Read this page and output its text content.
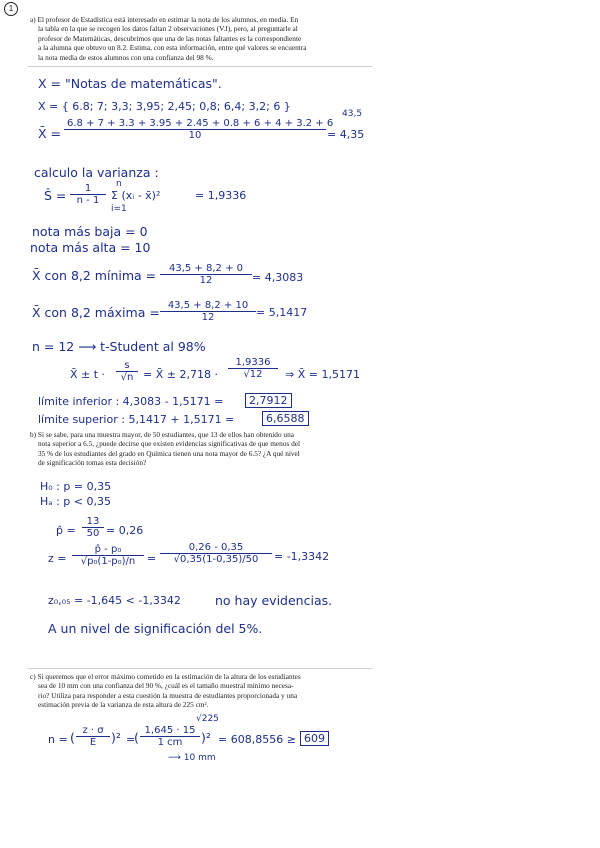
1
a) El profesor de Estadística está interesado en estimar la nota de los alumnos, en media. En
la tabla en la que se recogen los datos faltan 2 observaciones (V.I), pero, al preguntarle al
profesor de Matemáticas, descubrimos que una de las notas faltantes es la correspondiente
a la alumna que obtuvo un 8.2. Estima, con esta información, entre qué valores se encuentra
la nota media de estos alumnos con una confianza del 98 %.
X = "Notas de matemáticas".
X = { 6.8; 7; 3,3; 3,95; 2,45; 0,8; 6,4; 3,2; 6 }
43,5
X̄ = $\frac{6.8 + 7 + 3.3 + 3.95 + 2.45 + 0.8 + 6 + 4 + 3.2 + 6}{10} = 4,35$
calculo la varianza :
Ŝ = $\frac{1}{n - 1}$ n
Σ (xᵢ - x̄)²
i=1
= 1,9336
nota más baja = 0
nota más alta = 10
X̄ con 8,2 mínima = $\frac{43,5 + 8,2 + 0}{12} = 4,3083$
X̄ con 8,2 máxima = $\frac{43,5 + 8,2 + 10}{12} = 5,1417$
n = 12 ⟶ t-Student al 98%
X̄ ± $t \cdot \frac{s}{√n}$ = X̄ ± $2,718 \cdot \frac{1,9336}{√12}$ ⇒ X̄ = 1,5171
límite inferior : 4,3083 - 1,5171 =	2,7912
límite superior : 5,1417 + 1,5171 =	6,6588
b) Si se sabe, para una muestra mayor, de 50 estudiantes, que 13 de ellos han obtenido una
nota superior a 6.5, ¿puede decirse que existen evidencias significativas de que menos del
35 % de los estudiantes del grado en Química tienen una nota mayor de 6.5? ¿A qué nivel
de significación tomas esta decisión?
H₀ : p = 0,35
Hₐ : p < 0,35
p̂ = $\frac{13}{50} = 0,26$
$z = \frac{\text{p̂ - p₀}}{\text{√p₀(1-p₀)/n}} = \frac{0,26 - 0,35}{√0,35(1-0,35)/50} = -1,3342$
z₀,₀₅ = -1,645 < -1,3342	no hay evidencias.
A un nivel de significación del 5%.
c) Si queremos que el error máximo cometido en la estimación de la altura de los estudiantes
sea de 10 mm con una confianza del 90 %, ¿cuál es el tamaño muestral mínimo necesa-
rio? Utiliza para responder a esta cuestión la muestra de estudiantes proporcionada y una
estimación previa de la varianza de esta altura de 225 cm².
√225
n = ( $\frac{z \cdot \sigma}{E} )^2$ =
( $\frac{1,645 \cdot 15}{1 cm} )^2 = 608,8556 \ge 609$
⟶ 10 mm
